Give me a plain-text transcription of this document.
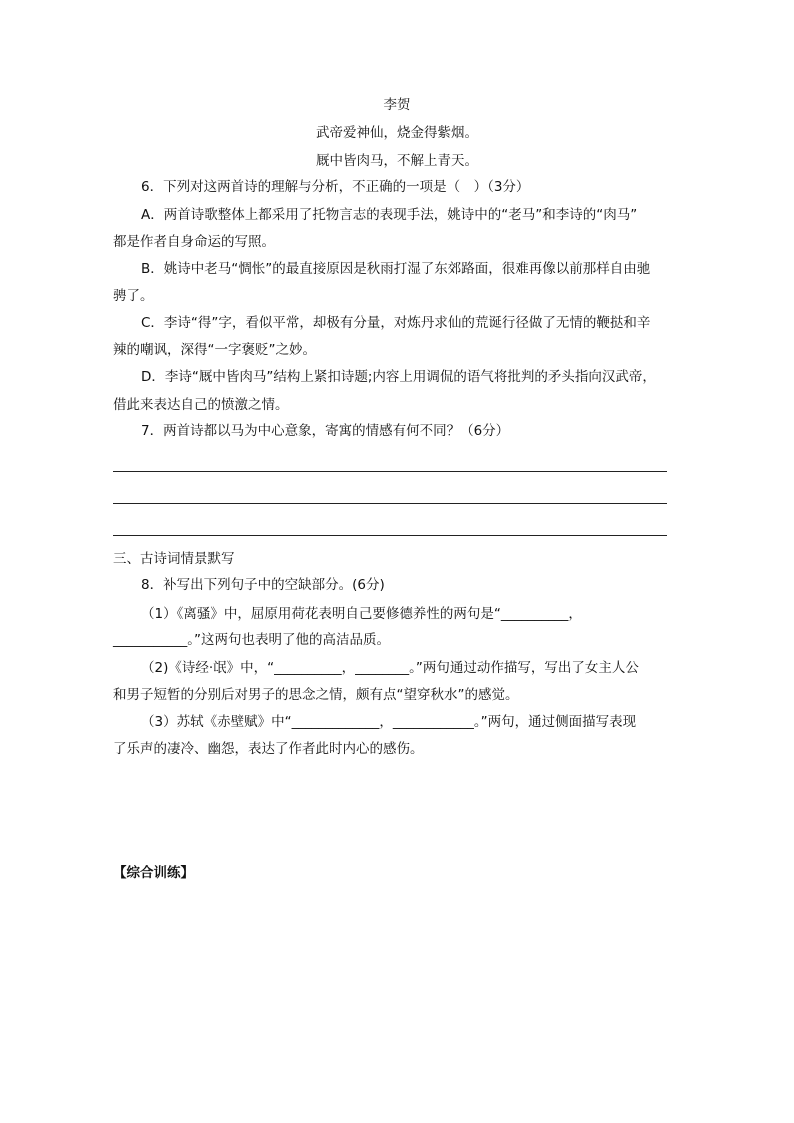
李贺
武帝爱神仙，烧金得紫烟。
厩中皆肉马，不解上青天。
6．下列对这两首诗的理解与分析，不正确的一项是（　）（3分）
A．两首诗歌整体上都采用了托物言志的表现手法，姚诗中的“老马”和李诗的“肉马”
都是作者自身命运的写照。
B．姚诗中老马“惆怅”的最直接原因是秋雨打湿了东郊路面，很难再像以前那样自由驰
骋了。
C．李诗“得”字，看似平常，却极有分量，对炼丹求仙的荒诞行径做了无情的鞭挞和辛
辣的嘲讽，深得“一字褒贬”之妙。
D．李诗“厩中皆肉马”结构上紧扣诗题;内容上用调侃的语气将批判的矛头指向汉武帝，
借此来表达自己的愤激之情。
7．两首诗都以马为中心意象，寄寓的情感有何不同？（6分）
三、古诗词情景默写
8．补写出下列句子中的空缺部分。(6分)
（1）《离骚》中，屈原用荷花表明自己要修德养性的两句是“__________，
___________。”这两句也表明了他的高洁品质。
（2)《诗经·氓》中，“__________，________。”两句通过动作描写，写出了女主人公
和男子短暂的分别后对男子的思念之情，颇有点“望穿秋水”的感觉。
（3）苏轼《赤壁赋》中“_____________，____________。”两句，通过侧面描写表现
了乐声的凄冷、幽怨，表达了作者此时内心的感伤。
【综合训练】
